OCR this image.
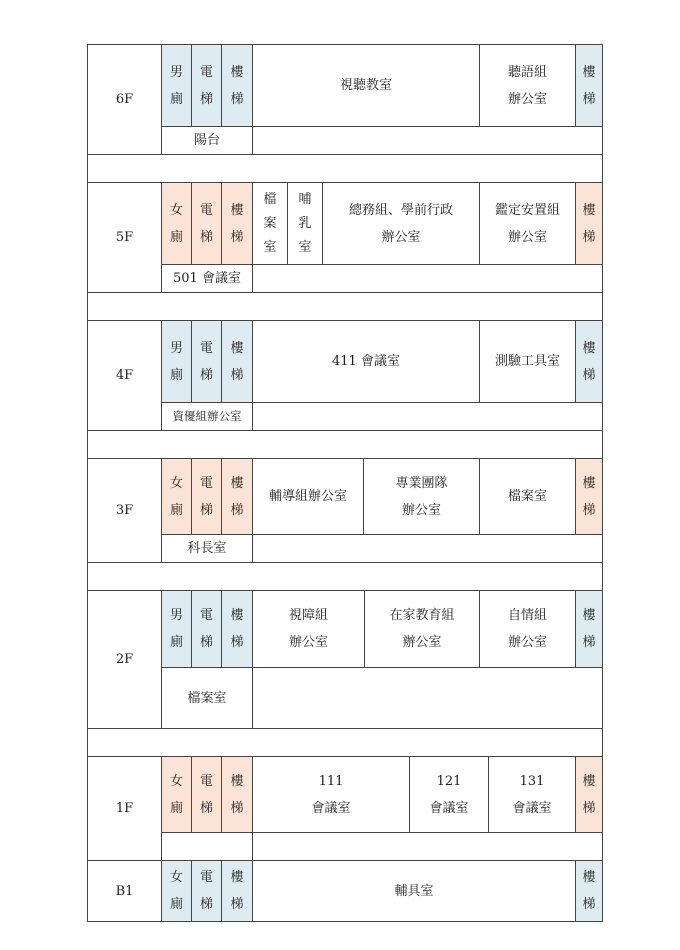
6F
男
廁
電
梯
樓
梯
視聽教室
聽語組
辦公室
樓
梯
陽台
5F
女
廁
電
梯
樓
梯
檔
案
室
哺
乳
室
總務組、學前行政
辦公室
鑑定安置組
辦公室
樓
梯
501 會議室
4F
男
廁
電
梯
樓
梯
411 會議室	測驗工具室
樓
梯
資優組辦公室
3F
女
廁
電
梯
樓
梯
輔導組辦公室
專業團隊
辦公室
檔案室
樓
梯
科長室
2F
男
廁
電
梯
樓
梯
視障組
辦公室
在家教育組
辦公室
自情組
辦公室
樓
梯
檔案室
1F
女
廁
電
梯
樓
梯
111
會議室
121
會議室
131
會議室
樓
梯
B1
女
廁
電
梯
樓
梯
輔具室
樓
梯
